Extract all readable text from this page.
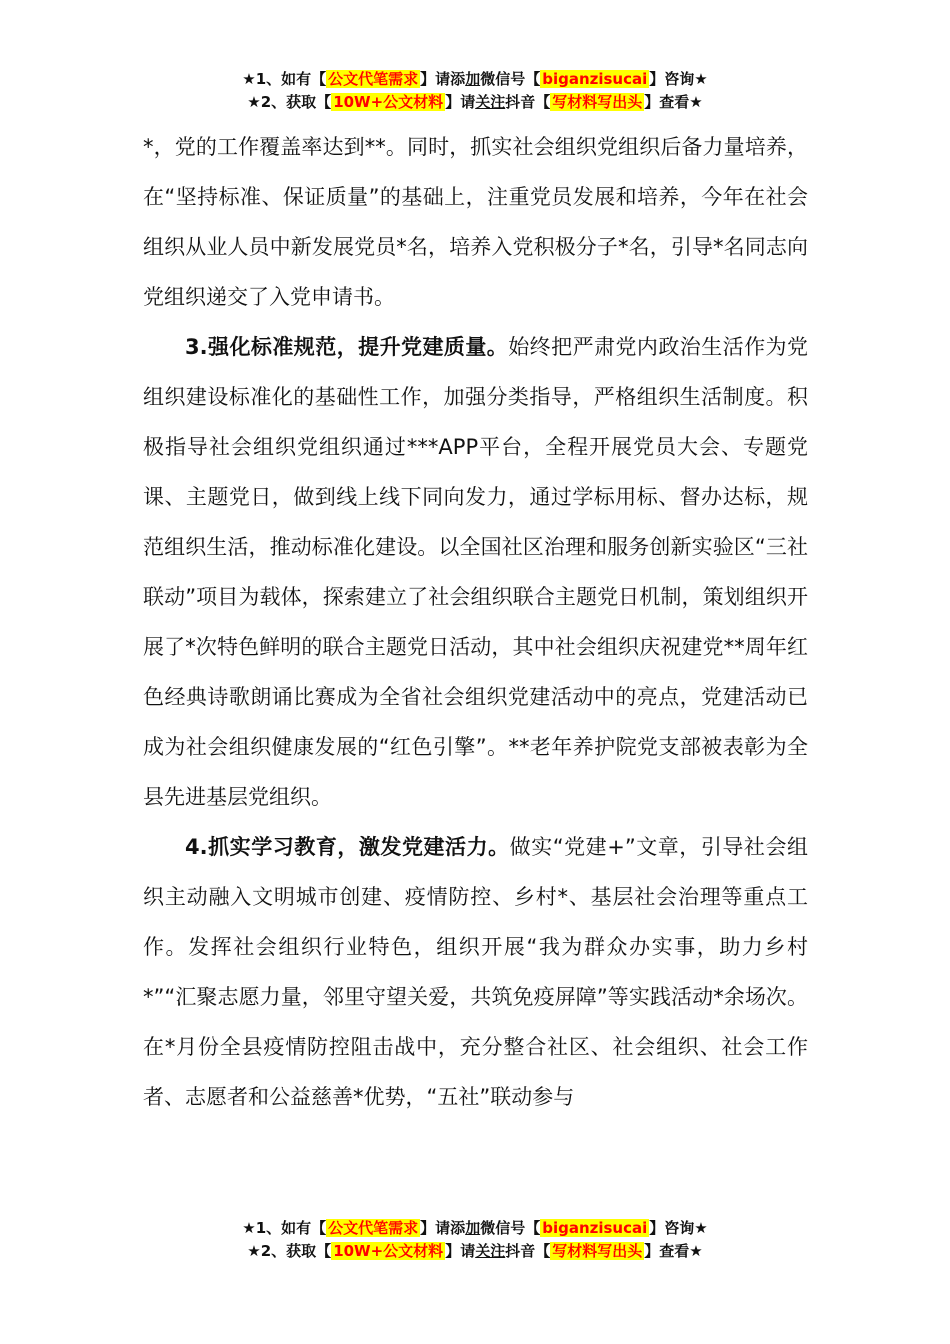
★1、如有【 公文代笔需求 】请添加微信号【 biganzisucai 】咨询★
★2、获取【 10W+公文材料 】请关注抖音【 写材料写出头 】查看★

*，党的工作覆盖率达到**。同时，抓实社会组织党组织后备力量培养，在“坚持标准、保证质量”的基础上，注重党员发展和培养，今年在社会组织从业人员中新发展党员*名，培养入党积极分子*名，引导*名同志向党组织递交了入党申请书。

3.强化标准规范，提升党建质量。始终把严肃党内政治生活作为党组织建设标准化的基础性工作，加强分类指导，严格组织生活制度。积极指导社会组织党组织通过***APP平台，全程开展党员大会、专题党课、主题党日，做到线上线下同向发力，通过学标用标、督办达标，规范组织生活，推动标准化建设。以全国社区治理和服务创新实验区“三社联动”项目为载体，探索建立了社会组织联合主题党日机制，策划组织开展了*次特色鲜明的联合主题党日活动，其中社会组织庆祝建党**周年红色经典诗歌朗诵比赛成为全省社会组织党建活动中的亮点，党建活动已成为社会组织健康发展的“红色引擎”。**老年养护院党支部被表彰为全县先进基层党组织。

4.抓实学习教育，激发党建活力。做实“党建+”文章，引导社会组织主动融入文明城市创建、疫情防控、乡村*、基层社会治理等重点工作。发挥社会组织行业特色，组织开展“我为群众办实事，助力乡村*”“汇聚志愿力量，邻里守望关爱，共筑免疫屏障”等实践活动*余场次。在*月份全县疫情防控阻击战中，充分整合社区、社会组织、社会工作者、志愿者和公益慈善*优势，“五社”联动参与

★1、如有【 公文代笔需求 】请添加微信号【 biganzisucai 】咨询★
★2、获取【 10W+公文材料 】请关注抖音【 写材料写出头 】查看★
